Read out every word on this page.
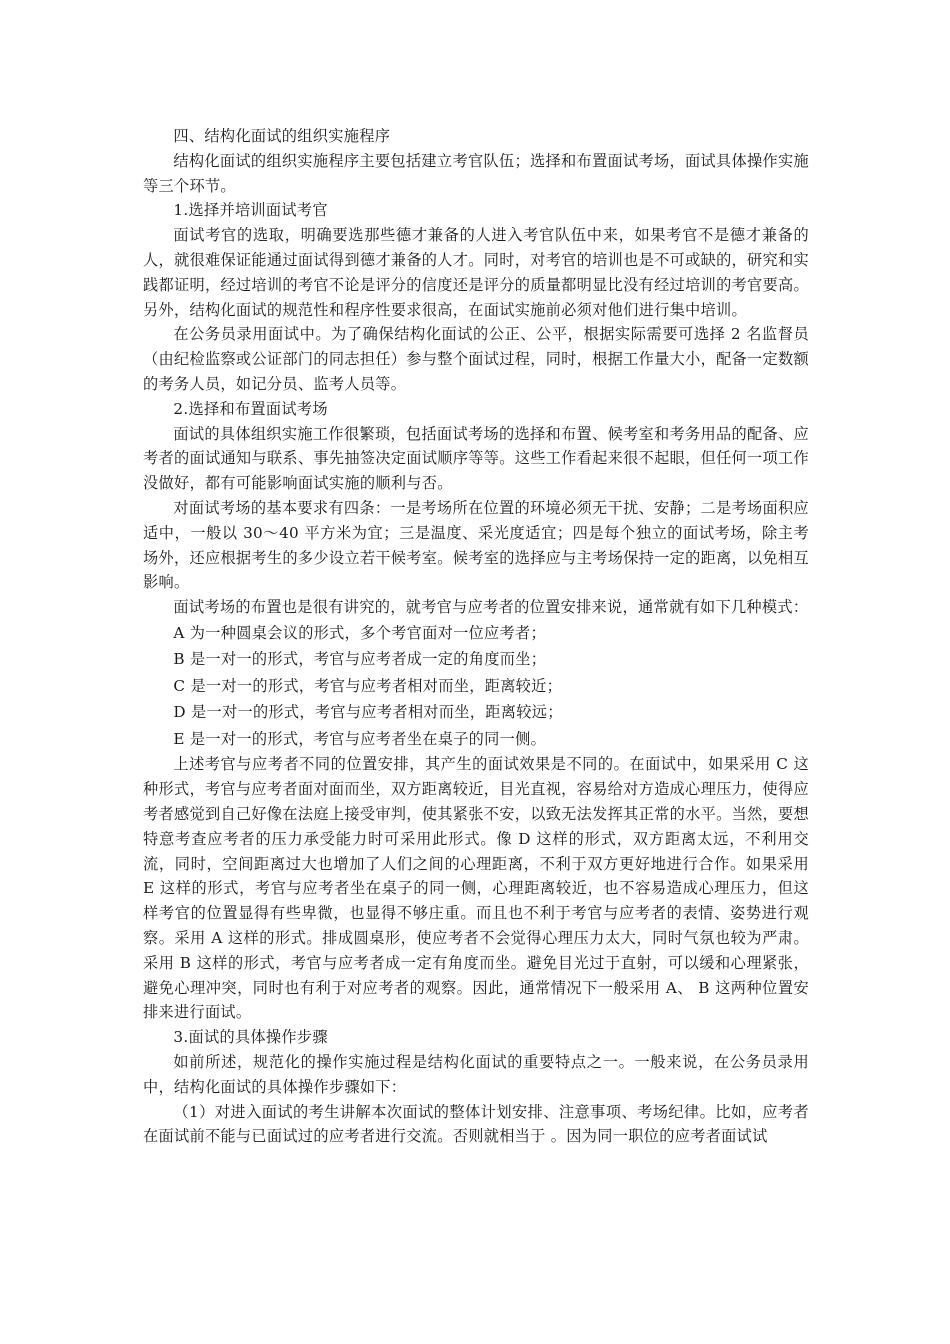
四、结构化面试的组织实施程序

结构化面试的组织实施程序主要包括建立考官队伍；选择和布置面试考场，面试具体操作实施等三个环节。

1.选择并培训面试考官

面试考官的选取，明确要选那些德才兼备的人进入考官队伍中来，如果考官不是德才兼备的人，就很难保证能通过面试得到德才兼备的人才。同时，对考官的培训也是不可或缺的，研究和实践都证明，经过培训的考官不论是评分的信度还是评分的质量都明显比没有经过培训的考官要高。另外，结构化面试的规范性和程序性要求很高，在面试实施前必须对他们进行集中培训。

在公务员录用面试中。为了确保结构化面试的公正、公平，根据实际需要可选择 2 名监督员（由纪检监察或公证部门的同志担任）参与整个面试过程，同时，根据工作量大小，配备一定数额的考务人员，如记分员、监考人员等。

2.选择和布置面试考场

面试的具体组织实施工作很繁琐，包括面试考场的选择和布置、候考室和考务用品的配备、应考者的面试通知与联系、事先抽签决定面试顺序等等。这些工作看起来很不起眼，但任何一项工作没做好，都有可能影响面试实施的顺利与否。

对面试考场的基本要求有四条：一是考场所在位置的环境必须无干扰、安静；二是考场面积应适中，一般以 30～40 平方米为宜；三是温度、采光度适宜；四是每个独立的面试考场，除主考场外，还应根据考生的多少设立若干候考室。候考室的选择应与主考场保持一定的距离，以免相互影响。

面试考场的布置也是很有讲究的，就考官与应考者的位置安排来说，通常就有如下几种模式：

A 为一种圆桌会议的形式，多个考官面对一位应考者；

B 是一对一的形式，考官与应考者成一定的角度而坐；

C 是一对一的形式，考官与应考者相对而坐，距离较近；

D 是一对一的形式，考官与应考者相对而坐，距离较远；

E 是一对一的形式，考官与应考者坐在桌子的同一侧。

上述考官与应考者不同的位置安排，其产生的面试效果是不同的。在面试中，如果采用 C 这种形式，考官与应考者面对面而坐，双方距离较近，目光直视，容易给对方造成心理压力，使得应考者感觉到自己好像在法庭上接受审判，使其紧张不安，以致无法发挥其正常的水平。当然，要想特意考查应考者的压力承受能力时可采用此形式。像 D 这样的形式，双方距离太远，不利用交流，同时，空间距离过大也增加了人们之间的心理距离，不利于双方更好地进行合作。如果采用 E 这样的形式，考官与应考者坐在桌子的同一侧，心理距离较近，也不容易造成心理压力，但这样考官的位置显得有些卑微，也显得不够庄重。而且也不利于考官与应考者的表情、姿势进行观察。采用 A 这样的形式。排成圆桌形，使应考者不会觉得心理压力太大，同时气氛也较为严肃。采用 B 这样的形式，考官与应考者成一定有角度而坐。避免目光过于直射，可以缓和心理紧张，避免心理冲突，同时也有利于对应考者的观察。因此，通常情况下一般采用 A、 B 这两种位置安排来进行面试。

3.面试的具体操作步骤

如前所述，规范化的操作实施过程是结构化面试的重要特点之一。一般来说，在公务员录用中，结构化面试的具体操作步骤如下：

（1）对进入面试的考生讲解本次面试的整体计划安排、注意事项、考场纪律。比如，应考者在面试前不能与已面试过的应考者进行交流。否则就相当于 。因为同一职位的应考者面试试
